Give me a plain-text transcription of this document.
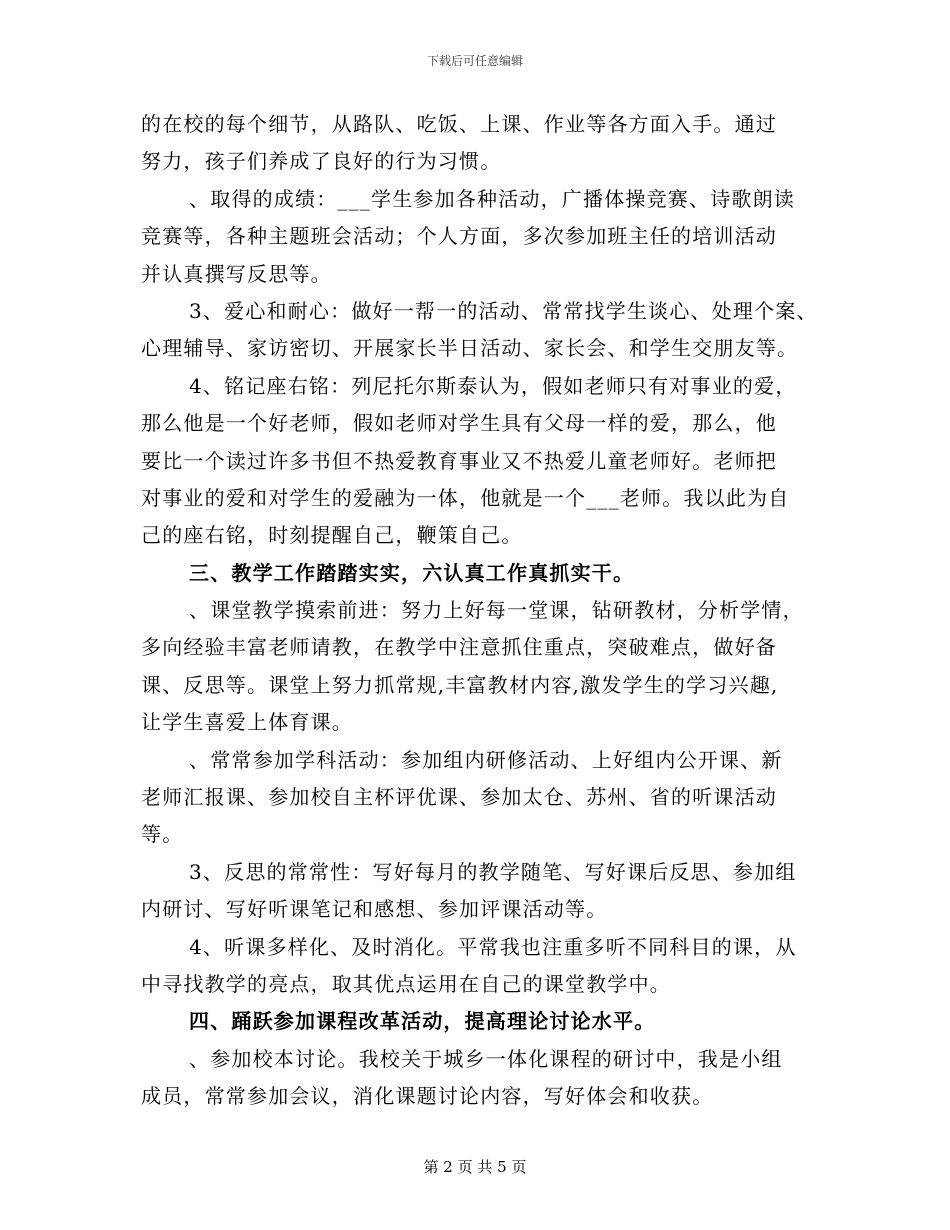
下载后可任意编辑
的在校的每个细节，从路队、吃饭、上课、作业等各方面入手。通过
努力，孩子们养成了良好的行为习惯。
、取得的成绩：___学生参加各种活动，广播体操竞赛、诗歌朗读
竞赛等，各种主题班会活动；个人方面，多次参加班主任的培训活动
并认真撰写反思等。
3、爱心和耐心：做好一帮一的活动、常常找学生谈心、处理个案、
心理辅导、家访密切、开展家长半日活动、家长会、和学生交朋友等。
4、铭记座右铭：列尼托尔斯泰认为，假如老师只有对事业的爱，
那么他是一个好老师，假如老师对学生具有父母一样的爱，那么，他
要比一个读过许多书但不热爱教育事业又不热爱儿童老师好。老师把
对事业的爱和对学生的爱融为一体，他就是一个___老师。我以此为自
己的座右铭，时刻提醒自己，鞭策自己。
三、教学工作踏踏实实，六认真工作真抓实干。
、课堂教学摸索前进：努力上好每一堂课，钻研教材，分析学情，
多向经验丰富老师请教，在教学中注意抓住重点，突破难点，做好备
课、反思等。课堂上努力抓常规,丰富教材内容,激发学生的学习兴趣,
让学生喜爱上体育课。
、常常参加学科活动：参加组内研修活动、上好组内公开课、新
老师汇报课、参加校自主杯评优课、参加太仓、苏州、省的听课活动
等。
3、反思的常常性：写好每月的教学随笔、写好课后反思、参加组
内研讨、写好听课笔记和感想、参加评课活动等。
4、听课多样化、及时消化。平常我也注重多听不同科目的课，从
中寻找教学的亮点，取其优点运用在自己的课堂教学中。
四、踊跃参加课程改革活动，提高理论讨论水平。
、参加校本讨论。我校关于城乡一体化课程的研讨中，我是小组
成员，常常参加会议，消化课题讨论内容，写好体会和收获。
第 2 页 共 5 页
